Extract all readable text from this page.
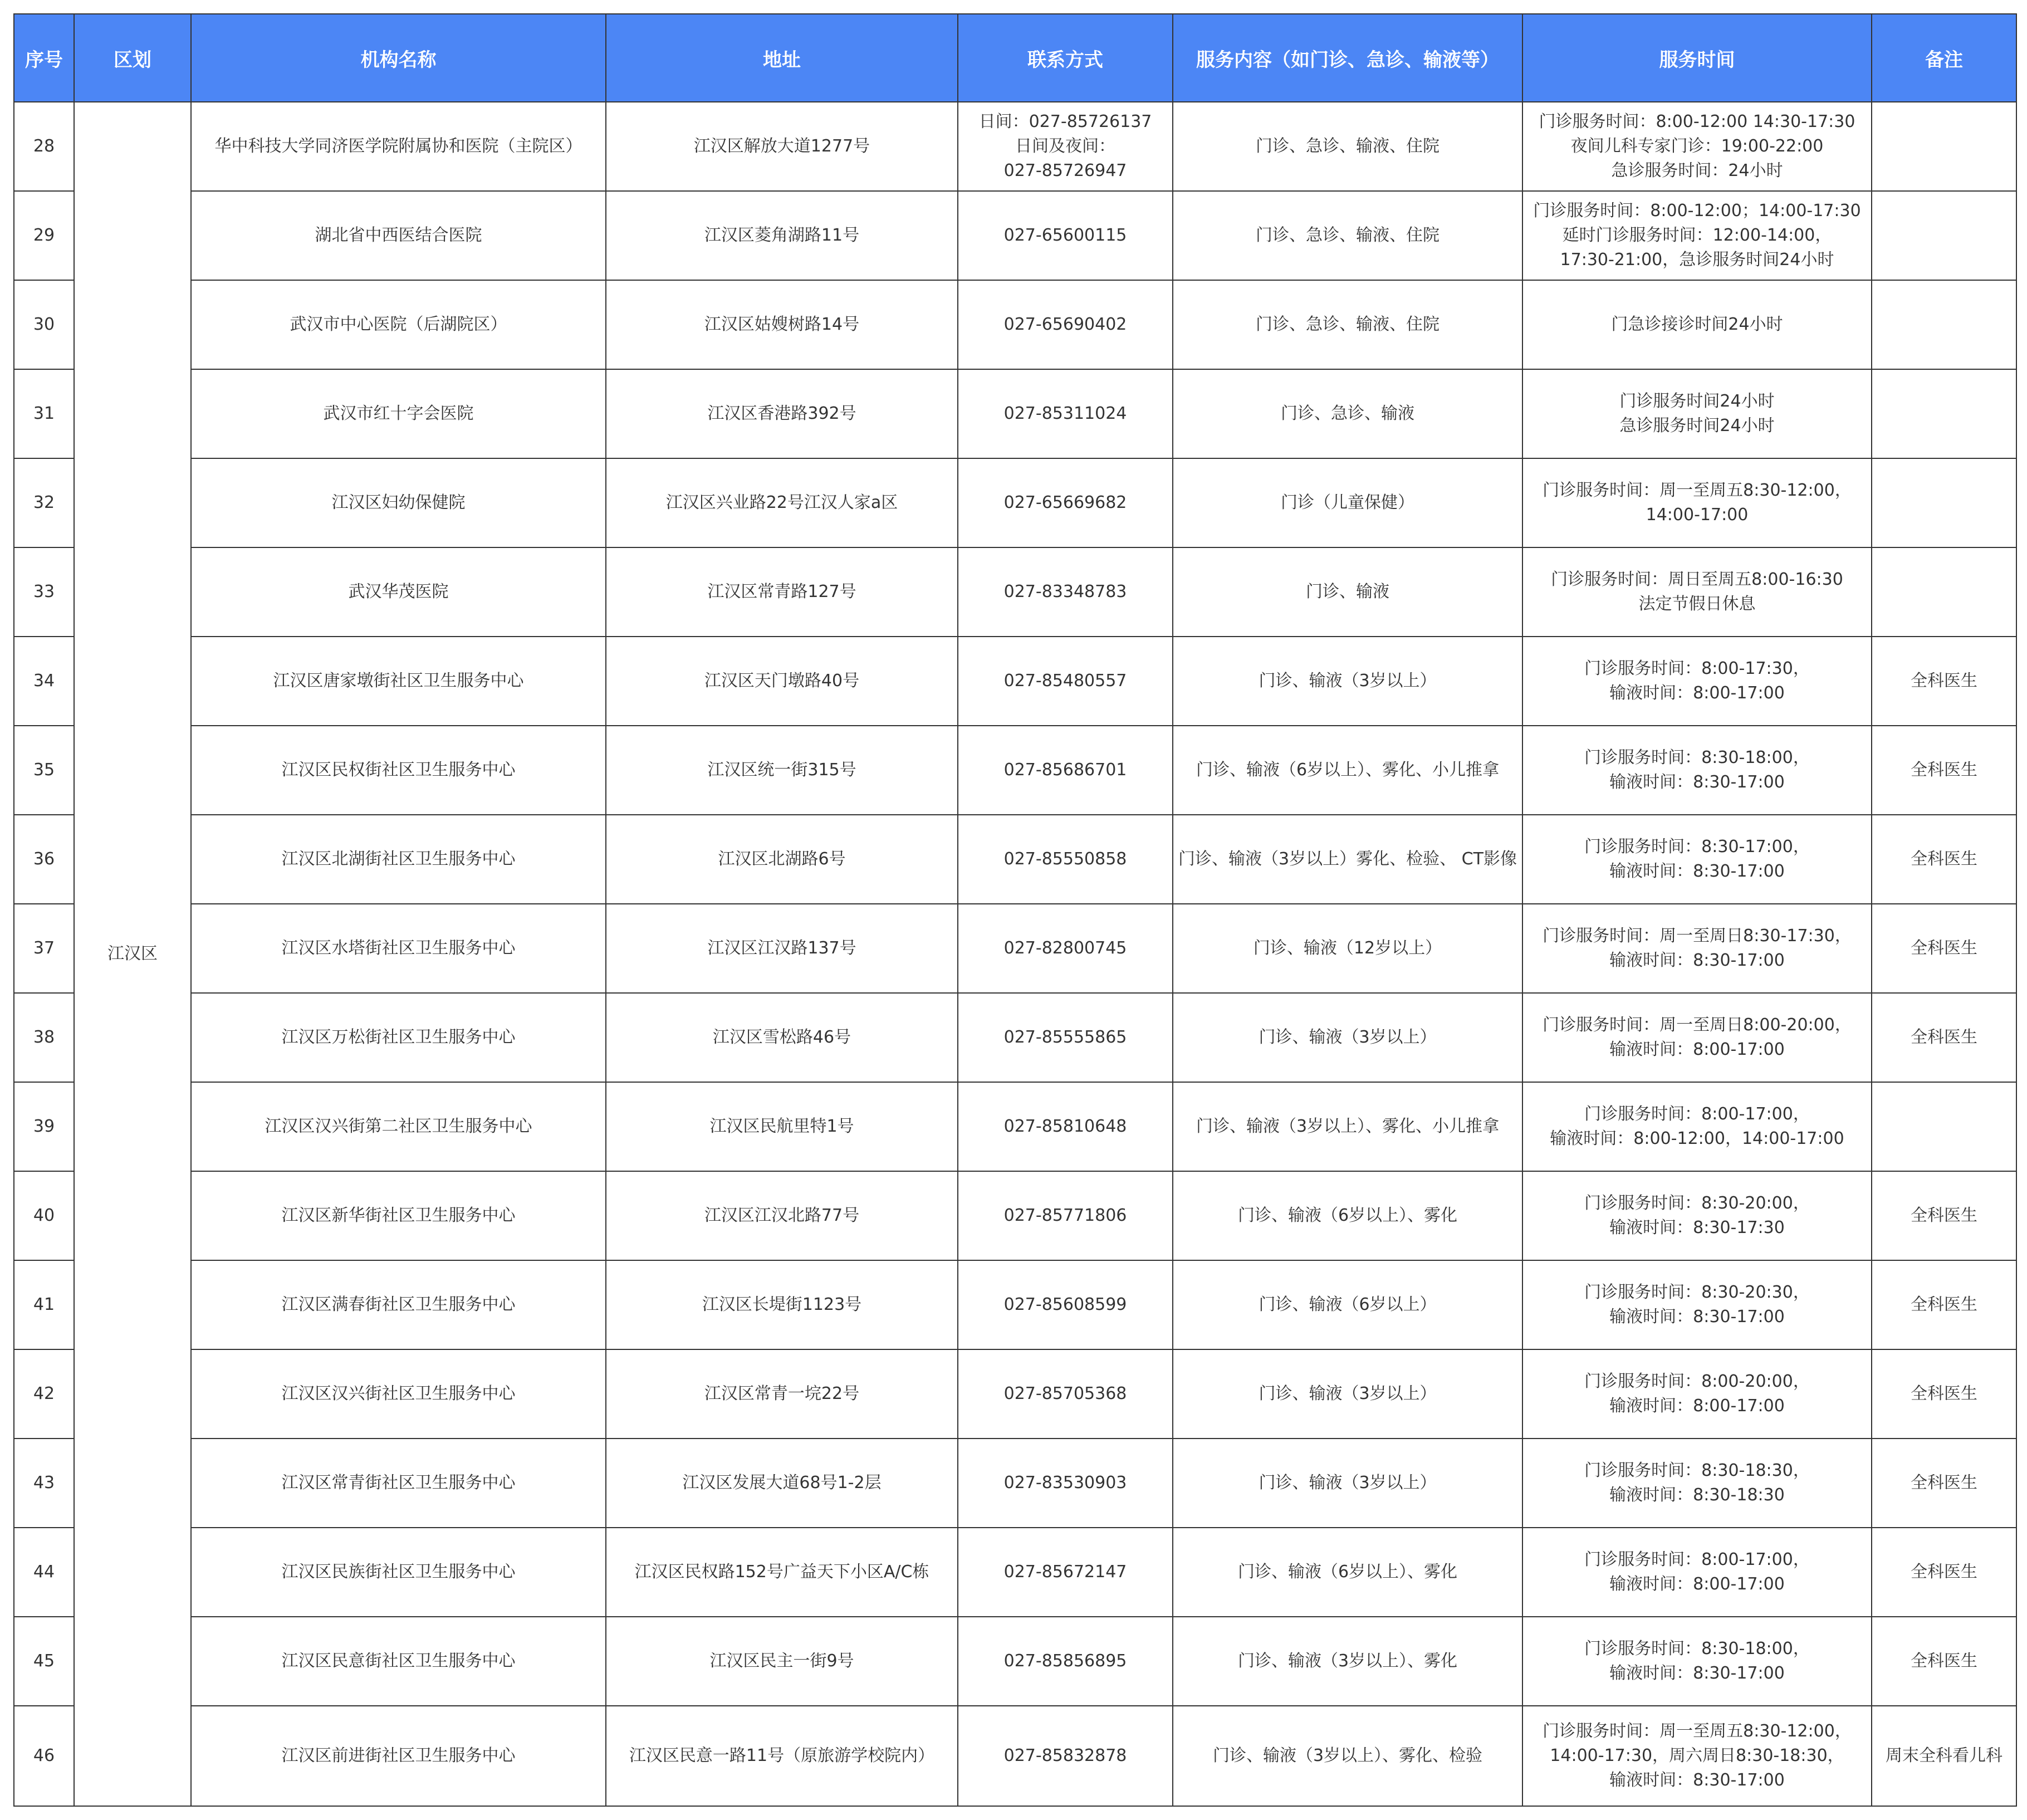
序号	区划	机构名称	地址	联系方式	服务内容（如门诊、急诊、输液等）	服务时间	备注
28	江汉区	华中科技大学同济医学院附属协和医院（主院区）	江汉区解放大道1277号	日间：027-85726137
日间及夜间：
027-85726947	门诊、急诊、输液、住院	门诊服务时间：8:00-12:00 14:30-17:30
夜间儿科专家门诊：19:00-22:00
急诊服务时间：24小时	

29		湖北省中西医结合医院	江汉区菱角湖路11号	027-65600115	门诊、急诊、输液、住院	门诊服务时间：8:00-12:00；14:00-17:30
延时门诊服务时间：12:00-14:00，
17:30-21:00，急诊服务时间24小时	

30		武汉市中心医院（后湖院区）	江汉区姑嫂树路14号	027-65690402	门诊、急诊、输液、住院	门急诊接诊时间24小时	

31		武汉市红十字会医院	江汉区香港路392号	027-85311024	门诊、急诊、输液	门诊服务时间24小时
急诊服务时间24小时	

32		江汉区妇幼保健院	江汉区兴业路22号江汉人家a区	027-65669682	门诊（儿童保健）	门诊服务时间：周一至周五8:30-12:00，
14:00-17:00	

33		武汉华茂医院	江汉区常青路127号	027-83348783	门诊、输液	门诊服务时间：周日至周五8:00-16:30
法定节假日休息	

34		江汉区唐家墩街社区卫生服务中心	江汉区天门墩路40号	027-85480557	门诊、输液（3岁以上）	门诊服务时间：8:00-17:30，
输液时间：8:00-17:00	全科医生
35		江汉区民权街社区卫生服务中心	江汉区统一街315号	027-85686701	门诊、输液（6岁以上）、雾化、小儿推拿	门诊服务时间：8:30-18:00，
输液时间：8:30-17:00	全科医生
36		江汉区北湖街社区卫生服务中心	江汉区北湖路6号	027-85550858	门诊、输液（3岁以上）雾化、检验、 CT影像	门诊服务时间：8:30-17:00，
输液时间：8:30-17:00	全科医生
37		江汉区水塔街社区卫生服务中心	江汉区江汉路137号	027-82800745	门诊、输液（12岁以上）	门诊服务时间：周一至周日8:30-17:30，
输液时间：8:30-17:00	全科医生
38		江汉区万松街社区卫生服务中心	江汉区雪松路46号	027-85555865	门诊、输液（3岁以上）	门诊服务时间：周一至周日8:00-20:00，
输液时间：8:00-17:00	全科医生
39		江汉区汉兴街第二社区卫生服务中心	江汉区民航里特1号	027-85810648	门诊、输液（3岁以上）、雾化、小儿推拿	门诊服务时间：8:00-17:00，
输液时间：8:00-12:00，14:00-17:00	

40		江汉区新华街社区卫生服务中心	江汉区江汉北路77号	027-85771806	门诊、输液（6岁以上）、雾化	门诊服务时间：8:30-20:00，
输液时间：8:30-17:30	全科医生
41		江汉区满春街社区卫生服务中心	江汉区长堤街1123号	027-85608599	门诊、输液（6岁以上）	门诊服务时间：8:30-20:30，
输液时间：8:30-17:00	全科医生
42		江汉区汉兴街社区卫生服务中心	江汉区常青一垸22号	027-85705368	门诊、输液（3岁以上）	门诊服务时间：8:00-20:00，
输液时间：8:00-17:00	全科医生
43		江汉区常青街社区卫生服务中心	江汉区发展大道68号1-2层	027-83530903	门诊、输液（3岁以上）	门诊服务时间：8:30-18:30，
输液时间：8:30-18:30	全科医生
44		江汉区民族街社区卫生服务中心	江汉区民权路152号广益天下小区A/C栋	027-85672147	门诊、输液（6岁以上）、雾化	门诊服务时间：8:00-17:00，
输液时间：8:00-17:00	全科医生
45		江汉区民意街社区卫生服务中心	江汉区民主一街9号	027-85856895	门诊、输液（3岁以上）、雾化	门诊服务时间：8:30-18:00，
输液时间：8:30-17:00	全科医生
46		江汉区前进街社区卫生服务中心	江汉区民意一路11号（原旅游学校院内）	027-85832878	门诊、输液（3岁以上）、雾化、检验	门诊服务时间：周一至周五8:30-12:00，
14:00-17:30，周六周日8:30-18:30，
输液时间：8:30-17:00	周末全科看儿科
